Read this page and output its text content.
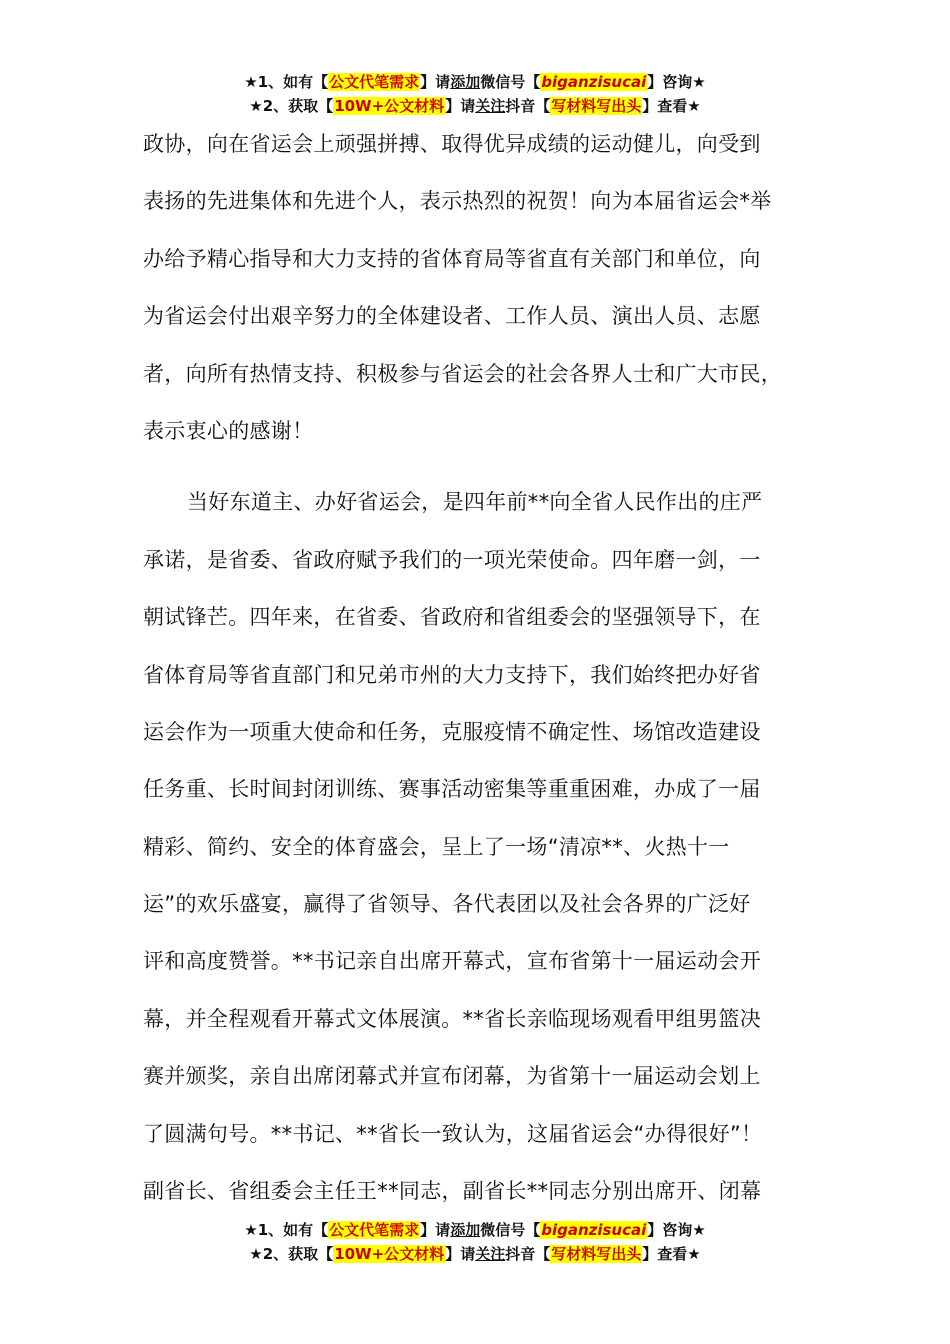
★1、如有【公文代笔需求】请添加微信号【biganzisucai】咨询★
★2、获取【10W+公文材料】请关注抖音【写材料写出头】查看★
政协，向在省运会上顽强拼搏、取得优异成绩的运动健儿，向受到
表扬的先进集体和先进个人，表示热烈的祝贺！向为本届省运会*举
办给予精心指导和大力支持的省体育局等省直有关部门和单位，向
为省运会付出艰辛努力的全体建设者、工作人员、演出人员、志愿
者，向所有热情支持、积极参与省运会的社会各界人士和广大市民，
表示衷心的感谢！
当好东道主、办好省运会，是四年前**向全省人民作出的庄严
承诺，是省委、省政府赋予我们的一项光荣使命。四年磨一剑，一
朝试锋芒。四年来，在省委、省政府和省组委会的坚强领导下，在
省体育局等省直部门和兄弟市州的大力支持下，我们始终把办好省
运会作为一项重大使命和任务，克服疫情不确定性、场馆改造建设
任务重、长时间封闭训练、赛事活动密集等重重困难，办成了一届
精彩、简约、安全的体育盛会，呈上了一场“清凉**、火热十一
运”的欢乐盛宴，赢得了省领导、各代表团以及社会各界的广泛好
评和高度赞誉。**书记亲自出席开幕式，宣布省第十一届运动会开
幕，并全程观看开幕式文体展演。**省长亲临现场观看甲组男篮决
赛并颁奖，亲自出席闭幕式并宣布闭幕，为省第十一届运动会划上
了圆满句号。**书记、**省长一致认为，这届省运会“办得很好”！
副省长、省组委会主任王**同志，副省长**同志分别出席开、闭幕
★1、如有【公文代笔需求】请添加微信号【biganzisucai】咨询★
★2、获取【10W+公文材料】请关注抖音【写材料写出头】查看★
